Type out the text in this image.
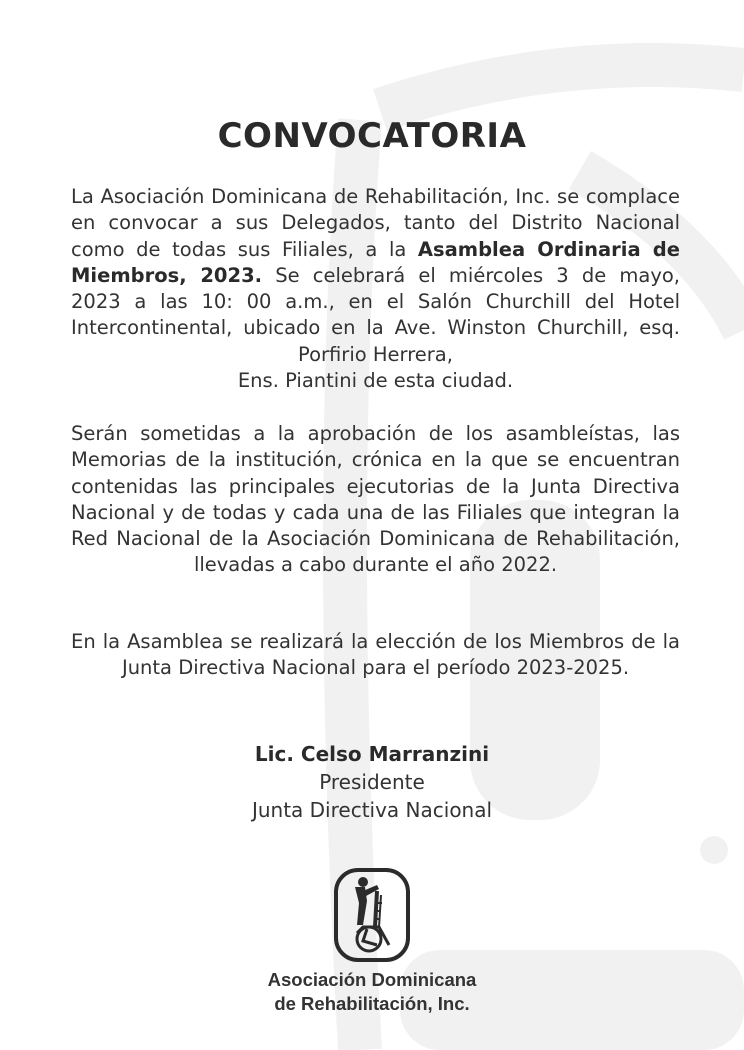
CONVOCATORIA
La Asociación Dominicana de Rehabilitación, Inc. se complace en convocar a sus Delegados, tanto del Distrito Nacional como de todas sus Filiales, a la Asamblea Ordinaria de Miembros, 2023. Se celebrará el miércoles 3 de mayo, 2023 a las 10: 00 a.m., en el Salón Churchill del Hotel Intercontinental, ubicado en la Ave. Winston Churchill, esq. Porfirio Herrera,
Ens. Piantini de esta ciudad.
Serán sometidas a la aprobación de los asambleístas, las Memorias de la institución, crónica en la que se encuentran contenidas las principales ejecutorias de la Junta Directiva Nacional y de todas y cada una de las Filiales que integran la Red Nacional de la Asociación Dominicana de Rehabilitación, llevadas a cabo durante el año 2022.
En la Asamblea se realizará la elección de los Miembros de la Junta Directiva Nacional para el período 2023-2025.
Lic. Celso Marranzini
Presidente
Junta Directiva Nacional
Asociación Dominicana
de Rehabilitación, Inc.
